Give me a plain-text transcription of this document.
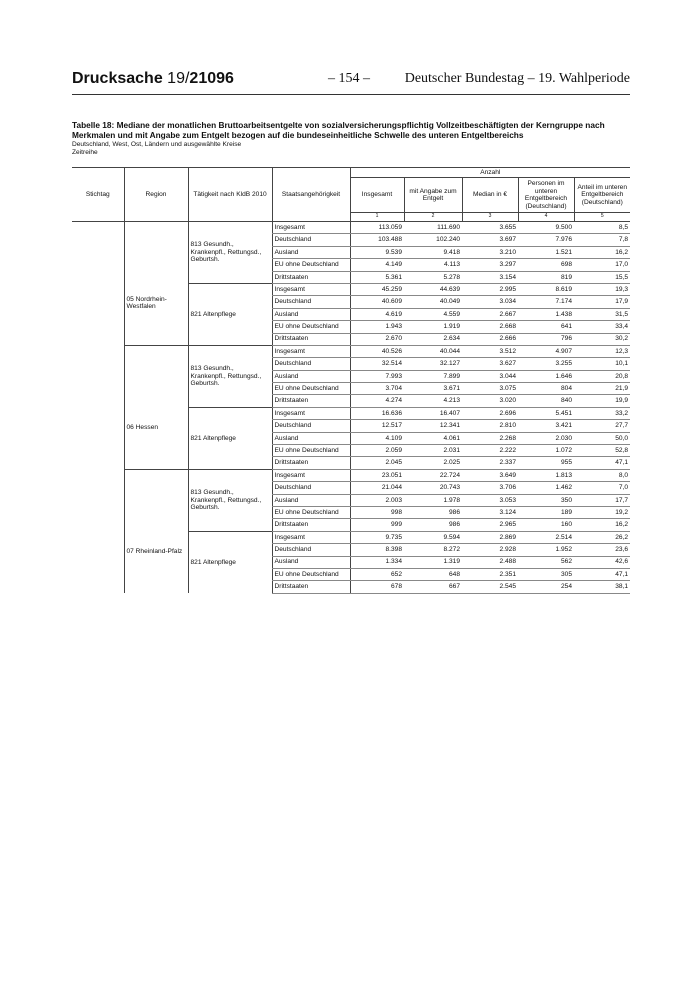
Drucksache 19/21096	– 154 – Deutscher Bundestag – 19. Wahlperiode
Tabelle 18: Mediane der monatlichen Bruttoarbeitsentgelte von sozialversicherungspflichtig Vollzeitbeschäftigten der Kerngruppe nach Merkmalen und mit Angabe zum Entgelt bezogen auf die bundeseinheitliche Schwelle des unteren Entgeltbereichs
Deutschland, West, Ost, Ländern und ausgewählte Kreise
Zeitreihe
Stichtag	Region	Tätigkeit nach KldB 2010	Staatsangehörigkeit	Anzahl				
				Insgesamt	mit Angabe zum Entgelt	Median in €	Personen im unteren Entgeltbereich (Deutschland)	Anteil im unteren Entgeltbereich (Deutschland)
				1	2	3	4	5
	05 Nordrhein-Westfalen	813 Gesundh., Krankenpfl., Rettungsd., Geburtsh.	Insgesamt	113.059	111.690	3.655	9.500	8,5
			Deutschland	103.488	102.240	3.697	7.976	7,8
			Ausland	9.539	9.418	3.210	1.521	16,2
			EU ohne Deutschland	4.149	4.113	3.297	698	17,0
			Drittstaaten	5.361	5.278	3.154	819	15,5
		821 Altenpflege	Insgesamt	45.259	44.639	2.995	8.619	19,3
			Deutschland	40.609	40.049	3.034	7.174	17,9
			Ausland	4.619	4.559	2.667	1.438	31,5
			EU ohne Deutschland	1.943	1.919	2.668	641	33,4
			Drittstaaten	2.670	2.634	2.666	796	30,2
	06 Hessen	813 Gesundh., Krankenpfl., Rettungsd., Geburtsh.	Insgesamt	40.526	40.044	3.512	4.907	12,3
			Deutschland	32.514	32.127	3.627	3.255	10,1
			Ausland	7.993	7.899	3.044	1.646	20,8
			EU ohne Deutschland	3.704	3.671	3.075	804	21,9
			Drittstaaten	4.274	4.213	3.020	840	19,9
		821 Altenpflege	Insgesamt	16.636	16.407	2.696	5.451	33,2
			Deutschland	12.517	12.341	2.810	3.421	27,7
			Ausland	4.109	4.061	2.268	2.030	50,0
			EU ohne Deutschland	2.059	2.031	2.222	1.072	52,8
			Drittstaaten	2.045	2.025	2.337	955	47,1
	07 Rheinland-Pfalz	813 Gesundh., Krankenpfl., Rettungsd., Geburtsh.	Insgesamt	23.051	22.724	3.649	1.813	8,0
			Deutschland	21.044	20.743	3.706	1.462	7,0
			Ausland	2.003	1.978	3.053	350	17,7
			EU ohne Deutschland	998	986	3.124	189	19,2
			Drittstaaten	999	986	2.965	160	16,2
		821 Altenpflege	Insgesamt	9.735	9.594	2.869	2.514	26,2
			Deutschland	8.398	8.272	2.928	1.952	23,6
			Ausland	1.334	1.319	2.488	562	42,6
			EU ohne Deutschland	652	648	2.351	305	47,1
			Drittstaaten	678	667	2.545	254	38,1
